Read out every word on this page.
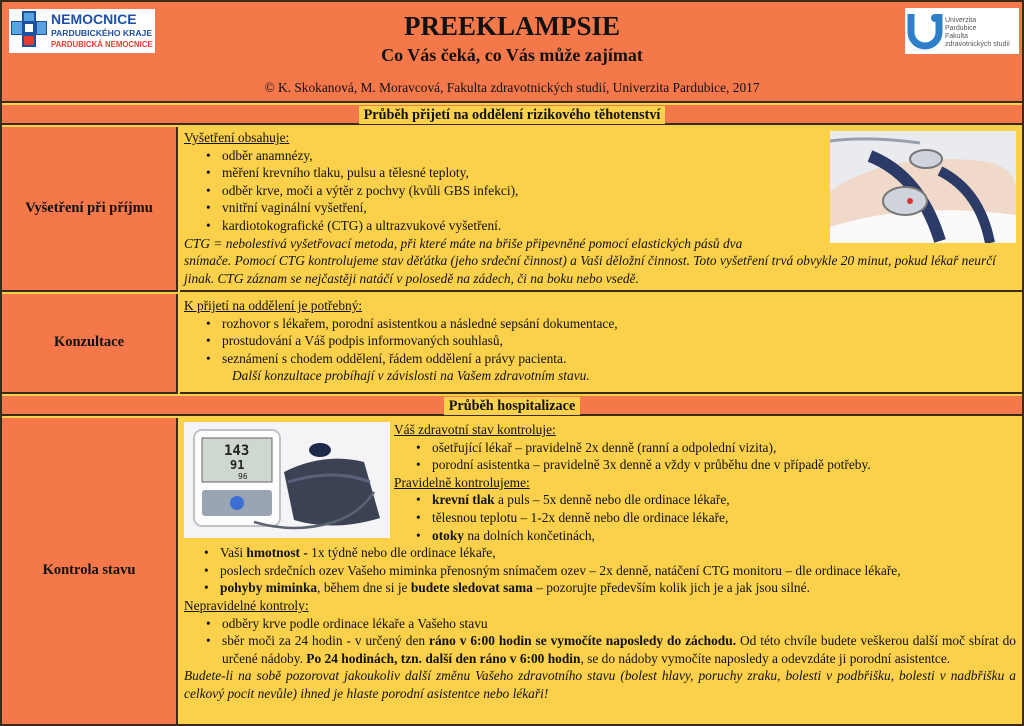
NEMOCNICE
PARDUBICKÉHO KRAJE
PARDUBICKÁ NEMOCNICE
PREEKLAMPSIE
Co Vás čeká, co Vás může zajímat
© K. Skokanová, M. Moravcová, Fakulta zdravotnických studií, Univerzita Pardubice, 2017
Univerzita
Pardubice
Fakulta
zdravotnických studií
Průběh přijetí na oddělení rizikového těhotenství
Vyšetření při příjmu
Vyšetření obsahuje:
• odběr anamnézy,
• měření krevního tlaku, pulsu a tělesné teploty,
• odběr krve, moči a výtěr z pochvy (kvůli GBS infekci),
• vnitřní vaginální vyšetření,
• kardiotokografické (CTG) a ultrazvukové vyšetření.
CTG = nebolestivá vyšetřovací metoda, při které máte na břiše připevněné pomocí elastických pásů dva
snímače. Pomocí CTG kontrolujeme stav děťátka (jeho srdeční činnost) a Vaši děložní činnost. Toto vyšetření trvá obvykle 20 minut, pokud lékař neurčí jinak. CTG záznam se nejčastěji natáčí v polosedě na zádech, či na boku nebo vsedě.
Konzultace
K přijetí na oddělení je potřebný:
• rozhovor s lékařem, porodní asistentkou a následné sepsání dokumentace,
• prostudování a Váš podpis informovaných souhlasů,
• seznámení s chodem oddělení, řádem oddělení a právy pacienta.
Další konzultace probíhají v závislosti na Vašem zdravotním stavu.
Průběh hospitalizace
Kontrola stavu
143
91
96
Váš zdravotní stav kontroluje:
• ošetřující lékař – pravidelně 2x denně (ranní a odpolední vizita),
• porodní asistentka – pravidelně 3x denně a vždy v průběhu dne v případě potřeby.
Pravidelně kontrolujeme:
• krevní tlak a puls – 5x denně nebo dle ordinace lékaře,
• tělesnou teplotu – 1-2x denně nebo dle ordinace lékaře,
• otoky na dolních končetinách,
• Vaši hmotnost - 1x týdně nebo dle ordinace lékaře,
• poslech srdečních ozev Vašeho miminka přenosným snímačem ozev – 2x denně, natáčení CTG monitoru – dle ordinace lékaře,
• pohyby miminka, během dne si je budete sledovat sama – pozorujte především kolik jich je a jak jsou silné.
Nepravidelné kontroly:
• odběry krve podle ordinace lékaře a Vašeho stavu
• sběr moči za 24 hodin - v určený den ráno v 6:00 hodin se vymočíte naposledy do záchodu. Od této chvíle budete veškerou další moč sbírat do určené nádoby. Po 24 hodinách, tzn. další den ráno v 6:00 hodin, se do nádoby vymočíte naposledy a odevzdáte ji porodní asistentce.
Budete-li na sobě pozorovat jakoukoliv další změnu Vašeho zdravotního stavu (bolest hlavy, poruchy zraku, bolesti v podbřišku, bolesti v nadbřišku a celkový pocit nevůle) ihned je hlaste porodní asistentce nebo lékaři!
